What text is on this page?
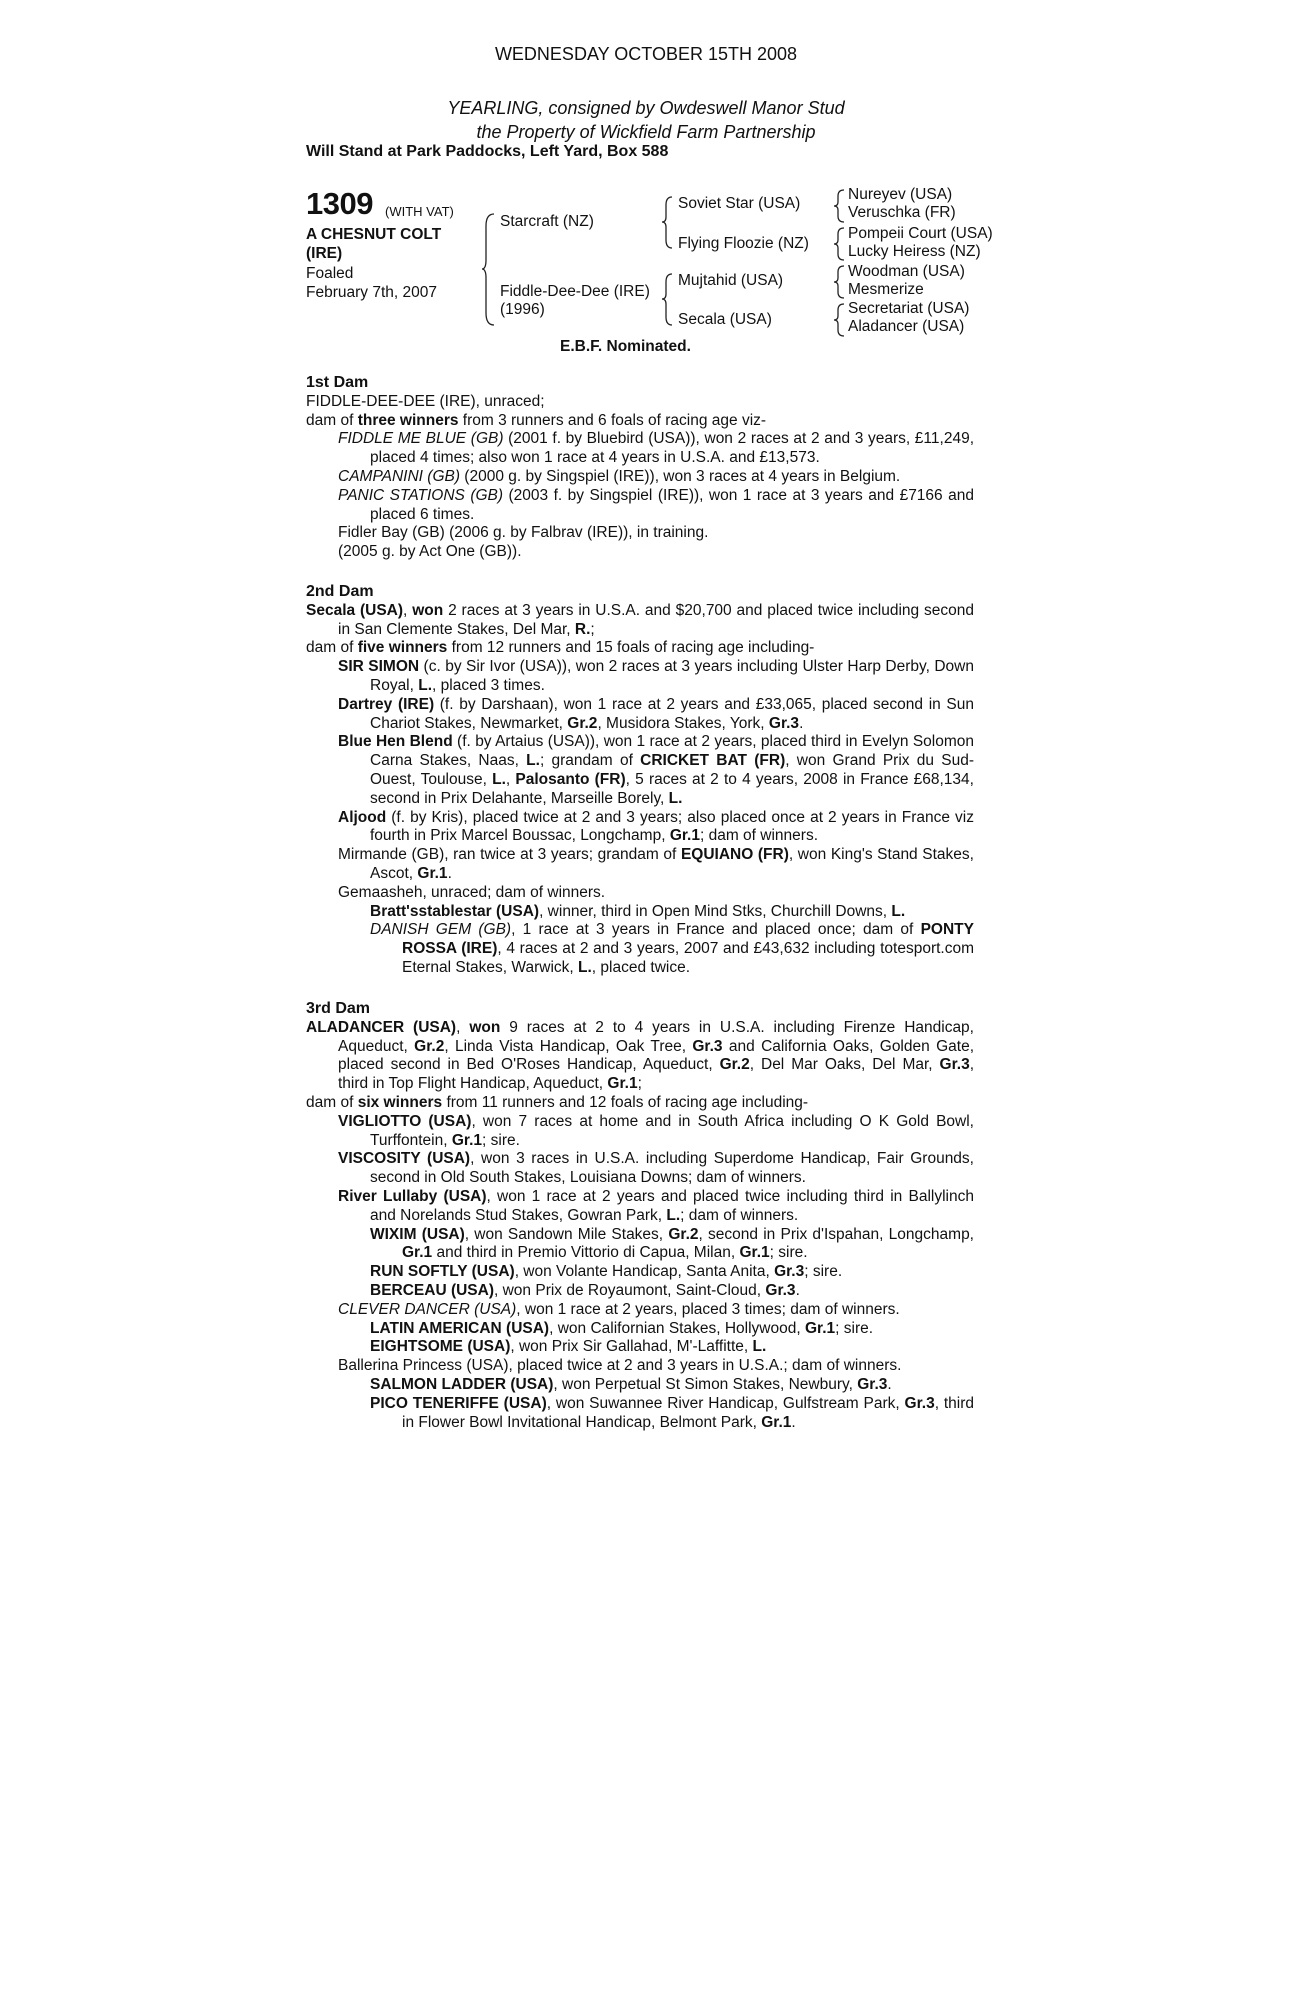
WEDNESDAY OCTOBER 15TH 2008
YEARLING, consigned by Owdeswell Manor Stud
the Property of Wickfield Farm Partnership
Will Stand at Park Paddocks, Left Yard, Box 588
1309 (WITH VAT)
A CHESNUT COLT
(IRE)
Foaled
February 7th, 2007
Starcraft (NZ)
Fiddle-Dee-Dee (IRE)
(1996)
Soviet Star (USA)
Flying Floozie (NZ)
Mujtahid (USA)
Secala (USA)
Nureyev (USA)
Veruschka (FR)
Pompeii Court (USA)
Lucky Heiress (NZ)
Woodman (USA)
Mesmerize
Secretariat (USA)
Aladancer (USA)
E.B.F. Nominated.
1st Dam
FIDDLE-DEE-DEE (IRE), unraced;
dam of three winners from 3 runners and 6 foals of racing age viz-
FIDDLE ME BLUE (GB) (2001 f. by Bluebird (USA)), won 2 races at 2 and 3 years, £11,249, placed 4 times; also won 1 race at 4 years in U.S.A. and £13,573.
CAMPANINI (GB) (2000 g. by Singspiel (IRE)), won 3 races at 4 years in Belgium.
PANIC STATIONS (GB) (2003 f. by Singspiel (IRE)), won 1 race at 3 years and £7166 and placed 6 times.
Fidler Bay (GB) (2006 g. by Falbrav (IRE)), in training.
(2005 g. by Act One (GB)).
2nd Dam
Secala (USA), won 2 races at 3 years in U.S.A. and $20,700 and placed twice including second in San Clemente Stakes, Del Mar, R.;
dam of five winners from 12 runners and 15 foals of racing age including-
SIR SIMON (c. by Sir Ivor (USA)), won 2 races at 3 years including Ulster Harp Derby, Down Royal, L., placed 3 times.
Dartrey (IRE) (f. by Darshaan), won 1 race at 2 years and £33,065, placed second in Sun Chariot Stakes, Newmarket, Gr.2, Musidora Stakes, York, Gr.3.
Blue Hen Blend (f. by Artaius (USA)), won 1 race at 2 years, placed third in Evelyn Solomon Carna Stakes, Naas, L.; grandam of CRICKET BAT (FR), won Grand Prix du Sud-Ouest, Toulouse, L., Palosanto (FR), 5 races at 2 to 4 years, 2008 in France £68,134, second in Prix Delahante, Marseille Borely, L.
Aljood (f. by Kris), placed twice at 2 and 3 years; also placed once at 2 years in France viz fourth in Prix Marcel Boussac, Longchamp, Gr.1; dam of winners.
Mirmande (GB), ran twice at 3 years; grandam of EQUIANO (FR), won King's Stand Stakes, Ascot, Gr.1.
Gemaasheh, unraced; dam of winners.
Bratt'sstablestar (USA), winner, third in Open Mind Stks, Churchill Downs, L.
DANISH GEM (GB), 1 race at 3 years in France and placed once; dam of PONTY ROSSA (IRE), 4 races at 2 and 3 years, 2007 and £43,632 including totesport.com Eternal Stakes, Warwick, L., placed twice.
3rd Dam
ALADANCER (USA), won 9 races at 2 to 4 years in U.S.A. including Firenze Handicap, Aqueduct, Gr.2, Linda Vista Handicap, Oak Tree, Gr.3 and California Oaks, Golden Gate, placed second in Bed O'Roses Handicap, Aqueduct, Gr.2, Del Mar Oaks, Del Mar, Gr.3, third in Top Flight Handicap, Aqueduct, Gr.1;
dam of six winners from 11 runners and 12 foals of racing age including-
VIGLIOTTO (USA), won 7 races at home and in South Africa including O K Gold Bowl, Turffontein, Gr.1; sire.
VISCOSITY (USA), won 3 races in U.S.A. including Superdome Handicap, Fair Grounds, second in Old South Stakes, Louisiana Downs; dam of winners.
River Lullaby (USA), won 1 race at 2 years and placed twice including third in Ballylinch and Norelands Stud Stakes, Gowran Park, L.; dam of winners.
WIXIM (USA), won Sandown Mile Stakes, Gr.2, second in Prix d'Ispahan, Longchamp, Gr.1 and third in Premio Vittorio di Capua, Milan, Gr.1; sire.
RUN SOFTLY (USA), won Volante Handicap, Santa Anita, Gr.3; sire.
BERCEAU (USA), won Prix de Royaumont, Saint-Cloud, Gr.3.
CLEVER DANCER (USA), won 1 race at 2 years, placed 3 times; dam of winners.
LATIN AMERICAN (USA), won Californian Stakes, Hollywood, Gr.1; sire.
EIGHTSOME (USA), won Prix Sir Gallahad, M'-Laffitte, L.
Ballerina Princess (USA), placed twice at 2 and 3 years in U.S.A.; dam of winners.
SALMON LADDER (USA), won Perpetual St Simon Stakes, Newbury, Gr.3.
PICO TENERIFFE (USA), won Suwannee River Handicap, Gulfstream Park, Gr.3, third in Flower Bowl Invitational Handicap, Belmont Park, Gr.1.
